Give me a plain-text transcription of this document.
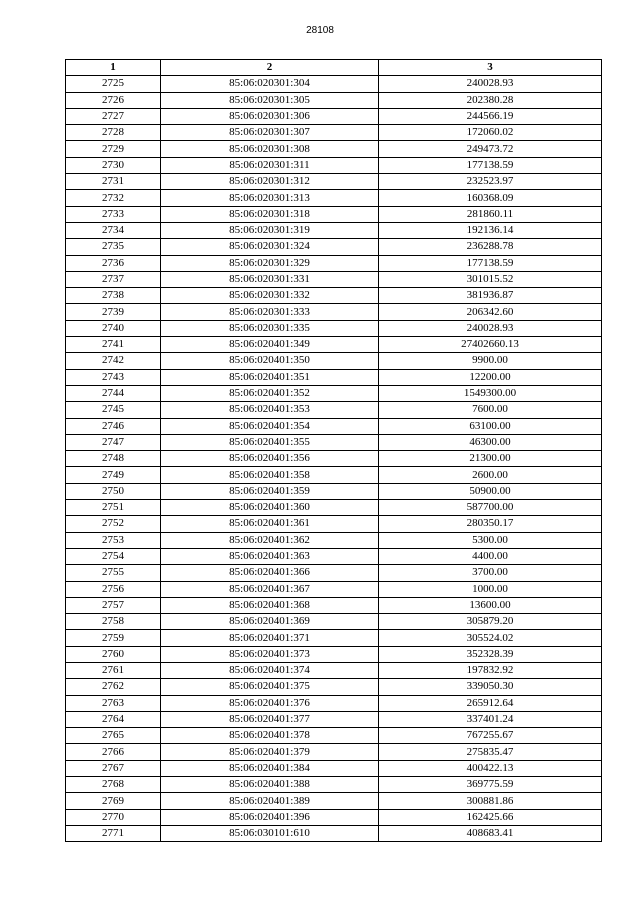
28108
1	2	3
2725	85:06:020301:304	240028.93
2726	85:06:020301:305	202380.28
2727	85:06:020301:306	244566.19
2728	85:06:020301:307	172060.02
2729	85:06:020301:308	249473.72
2730	85:06:020301:311	177138.59
2731	85:06:020301:312	232523.97
2732	85:06:020301:313	160368.09
2733	85:06:020301:318	281860.11
2734	85:06:020301:319	192136.14
2735	85:06:020301:324	236288.78
2736	85:06:020301:329	177138.59
2737	85:06:020301:331	301015.52
2738	85:06:020301:332	381936.87
2739	85:06:020301:333	206342.60
2740	85:06:020301:335	240028.93
2741	85:06:020401:349	27402660.13
2742	85:06:020401:350	9900.00
2743	85:06:020401:351	12200.00
2744	85:06:020401:352	1549300.00
2745	85:06:020401:353	7600.00
2746	85:06:020401:354	63100.00
2747	85:06:020401:355	46300.00
2748	85:06:020401:356	21300.00
2749	85:06:020401:358	2600.00
2750	85:06:020401:359	50900.00
2751	85:06:020401:360	587700.00
2752	85:06:020401:361	280350.17
2753	85:06:020401:362	5300.00
2754	85:06:020401:363	4400.00
2755	85:06:020401:366	3700.00
2756	85:06:020401:367	1000.00
2757	85:06:020401:368	13600.00
2758	85:06:020401:369	305879.20
2759	85:06:020401:371	305524.02
2760	85:06:020401:373	352328.39
2761	85:06:020401:374	197832.92
2762	85:06:020401:375	339050.30
2763	85:06:020401:376	265912.64
2764	85:06:020401:377	337401.24
2765	85:06:020401:378	767255.67
2766	85:06:020401:379	275835.47
2767	85:06:020401:384	400422.13
2768	85:06:020401:388	369775.59
2769	85:06:020401:389	300881.86
2770	85:06:020401:396	162425.66
2771	85:06:030101:610	408683.41
